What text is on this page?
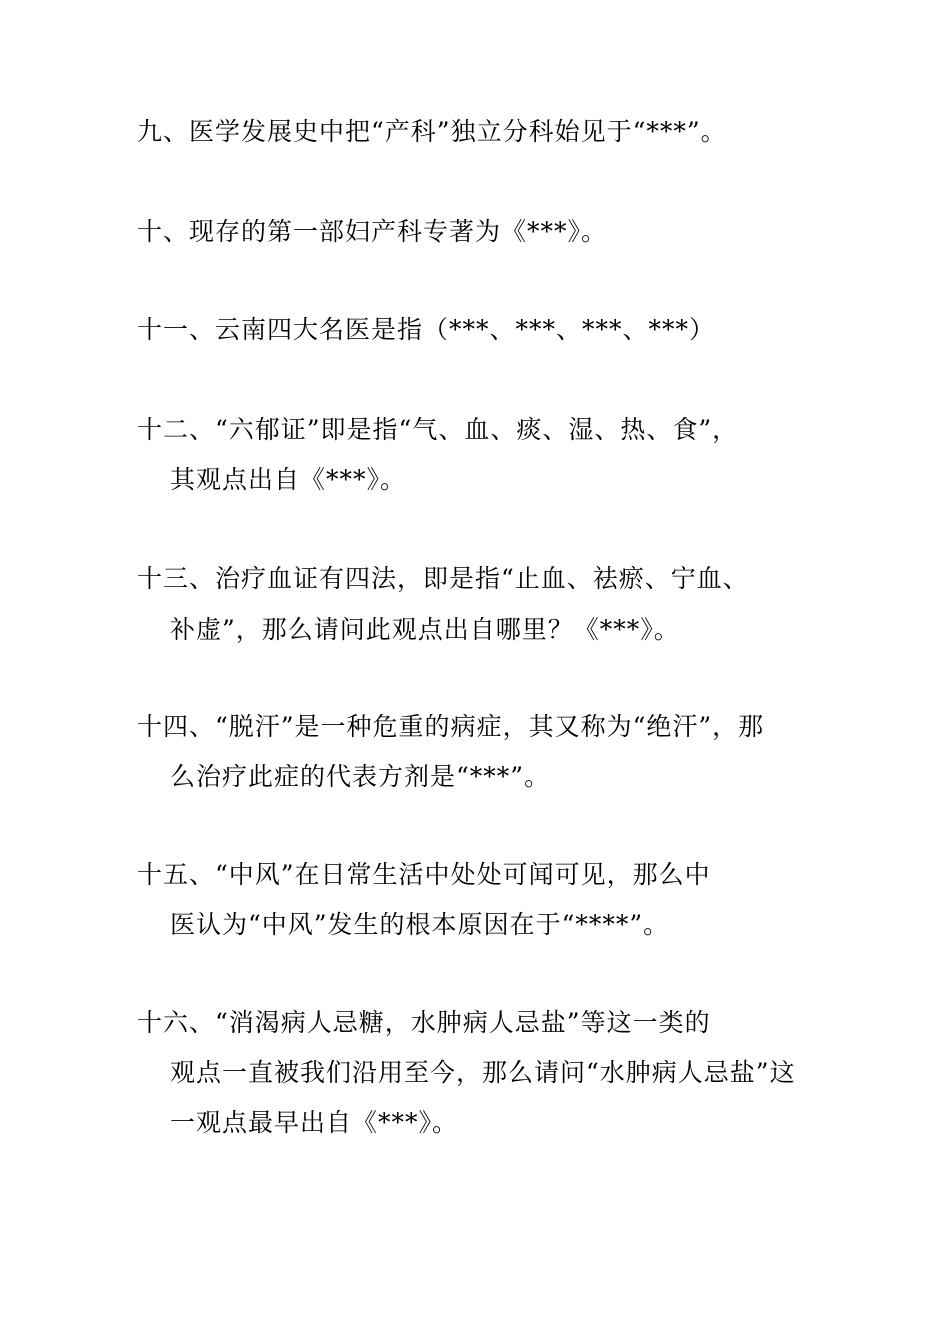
九、医学发展史中把“产科”独立分科始见于“***”。
十、现存的第一部妇产科专著为《***》。
十一、云南四大名医是指（***、***、***、***）
十二、“六郁证”即是指“气、血、痰、湿、热、食”，
其观点出自《***》。
十三、治疗血证有四法，即是指“止血、祛瘀、宁血、
补虚”，那么请问此观点出自哪里？《***》。
十四、“脱汗”是一种危重的病症，其又称为“绝汗”，那
么治疗此症的代表方剂是“***”。
十五、“中风”在日常生活中处处可闻可见，那么中
医认为“中风”发生的根本原因在于“****”。
十六、“消渴病人忌糖，水肿病人忌盐”等这一类的
观点一直被我们沿用至今，那么请问“水肿病人忌盐”这
一观点最早出自《***》。
